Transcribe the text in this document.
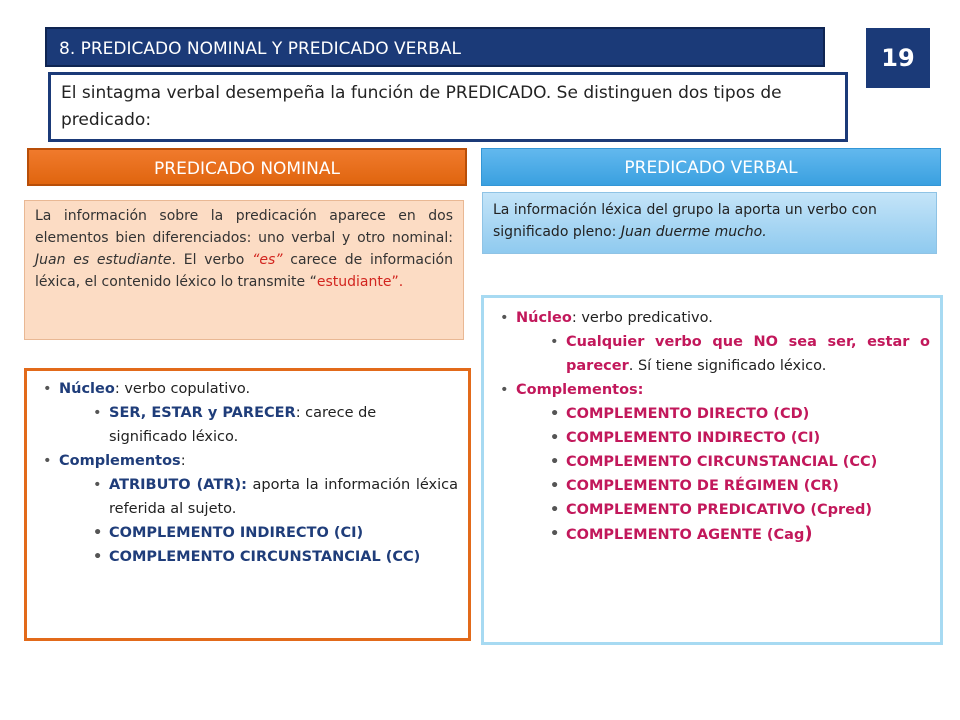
8. PREDICADO NOMINAL Y PREDICADO VERBAL	19
El sintagma verbal desempeña la función de PREDICADO. Se distinguen dos tipos de predicado:
PREDICADO NOMINAL	PREDICADO VERBAL
La información sobre la predicación aparece en dos elementos bien diferenciados: uno verbal y otro nominal: Juan es estudiante. El verbo “es” carece de información léxica, el contenido léxico lo transmite “estudiante”.
La información léxica del grupo la aporta un verbo con significado pleno: Juan duerme mucho.
• Núcleo: verbo copulativo.
• SER, ESTAR y PARECER: carece de significado léxico.
• Complementos:
• ATRIBUTO (ATR): aporta la información léxica referida al sujeto.
• COMPLEMENTO INDIRECTO (CI)
• COMPLEMENTO CIRCUNSTANCIAL (CC)
• Núcleo: verbo predicativo.
• Cualquier verbo que NO sea ser, estar o parecer. Sí tiene significado léxico.
• Complementos:
• COMPLEMENTO DIRECTO (CD)
• COMPLEMENTO INDIRECTO (CI)
• COMPLEMENTO CIRCUNSTANCIAL (CC)
• COMPLEMENTO DE RÉGIMEN (CR)
• COMPLEMENTO PREDICATIVO (Cpred)
• COMPLEMENTO AGENTE (Cag)
